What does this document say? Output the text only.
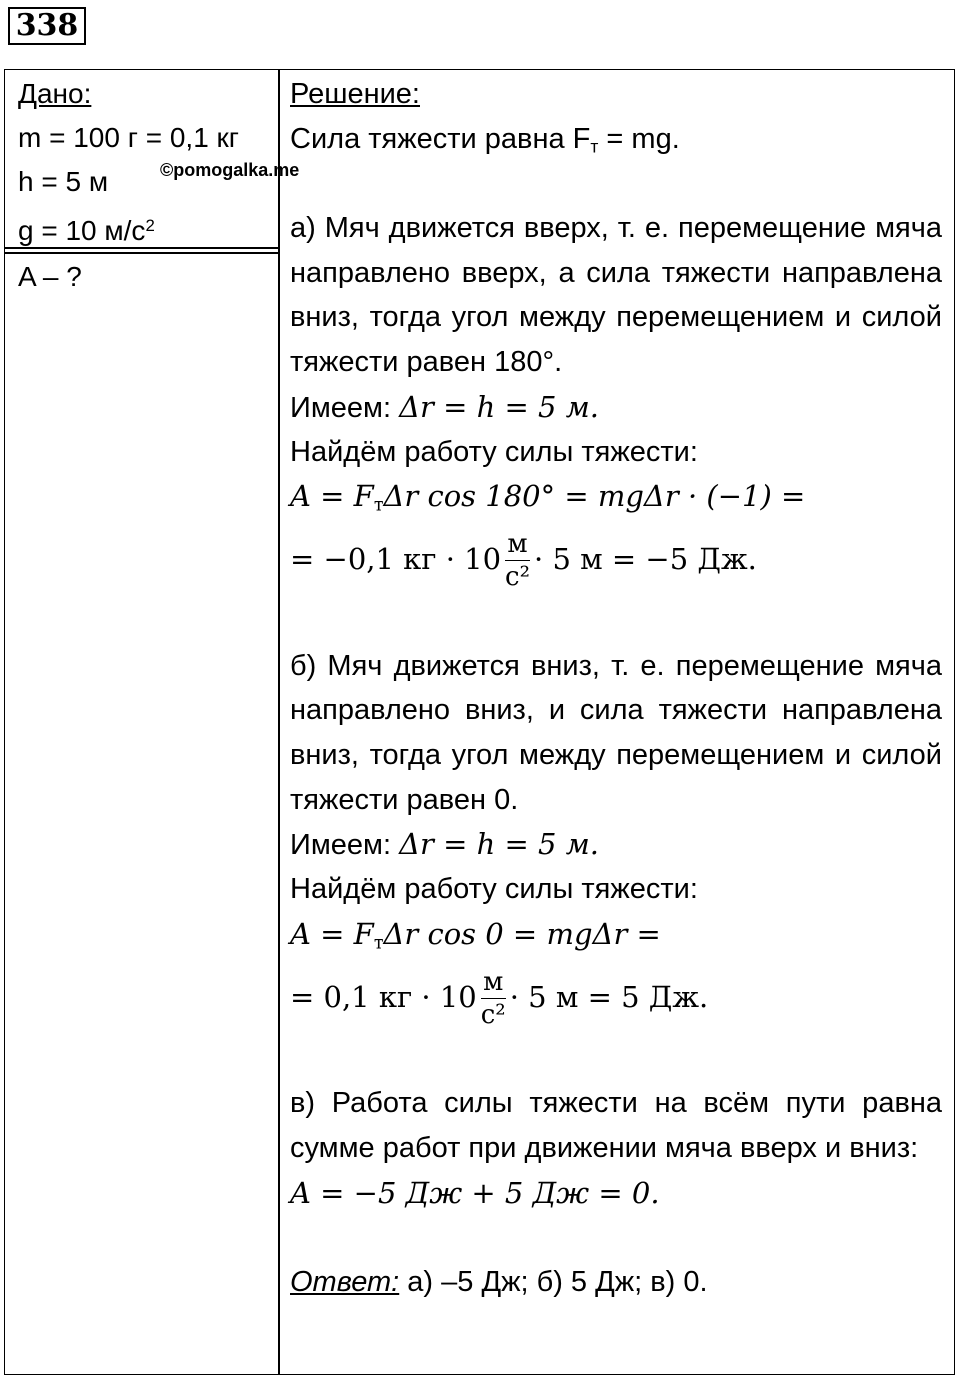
338
Дано:
m = 100 г = 0,1 кг
h = 5 м
g = 10 $м/с^2$
A – ?
©pomogalka.me
Решение:
Сила тяжести равна $F_т$ = mg.
а) Мяч движется вверх, т. е. перемещение мяча направлено вверх, а сила тяжести направлена вниз, тогда угол между перемещением и силой тяжести равен 180°.
Имеем: Δr = h = 5 м.
Найдём работу силы тяжести:
$A = F_т\Delta r$ cos 180° = mgΔr · (−1) =
= −0,1 кг · $10 \frac{м}{\text{с²}} \cdot 5$ м = −5 Дж.
б) Мяч движется вниз, т. е. перемещение мяча направлено вниз, и сила тяжести направлена вниз, тогда угол между перемещением и силой тяжести равен 0.
Имеем: Δr = h = 5 м.
Найдём работу силы тяжести:
$A = F_т\Delta r$ cos 0 = mgΔr =
= 0,1 кг · $10 \frac{м}{\text{с²}} \cdot 5$ м = 5 Дж.
в) Работа силы тяжести на всём пути равна сумме работ при движении мяча вверх и вниз:
A = −5 Дж + 5 Дж = 0.
Ответ: а) –5 Дж; б) 5 Дж; в) 0.
